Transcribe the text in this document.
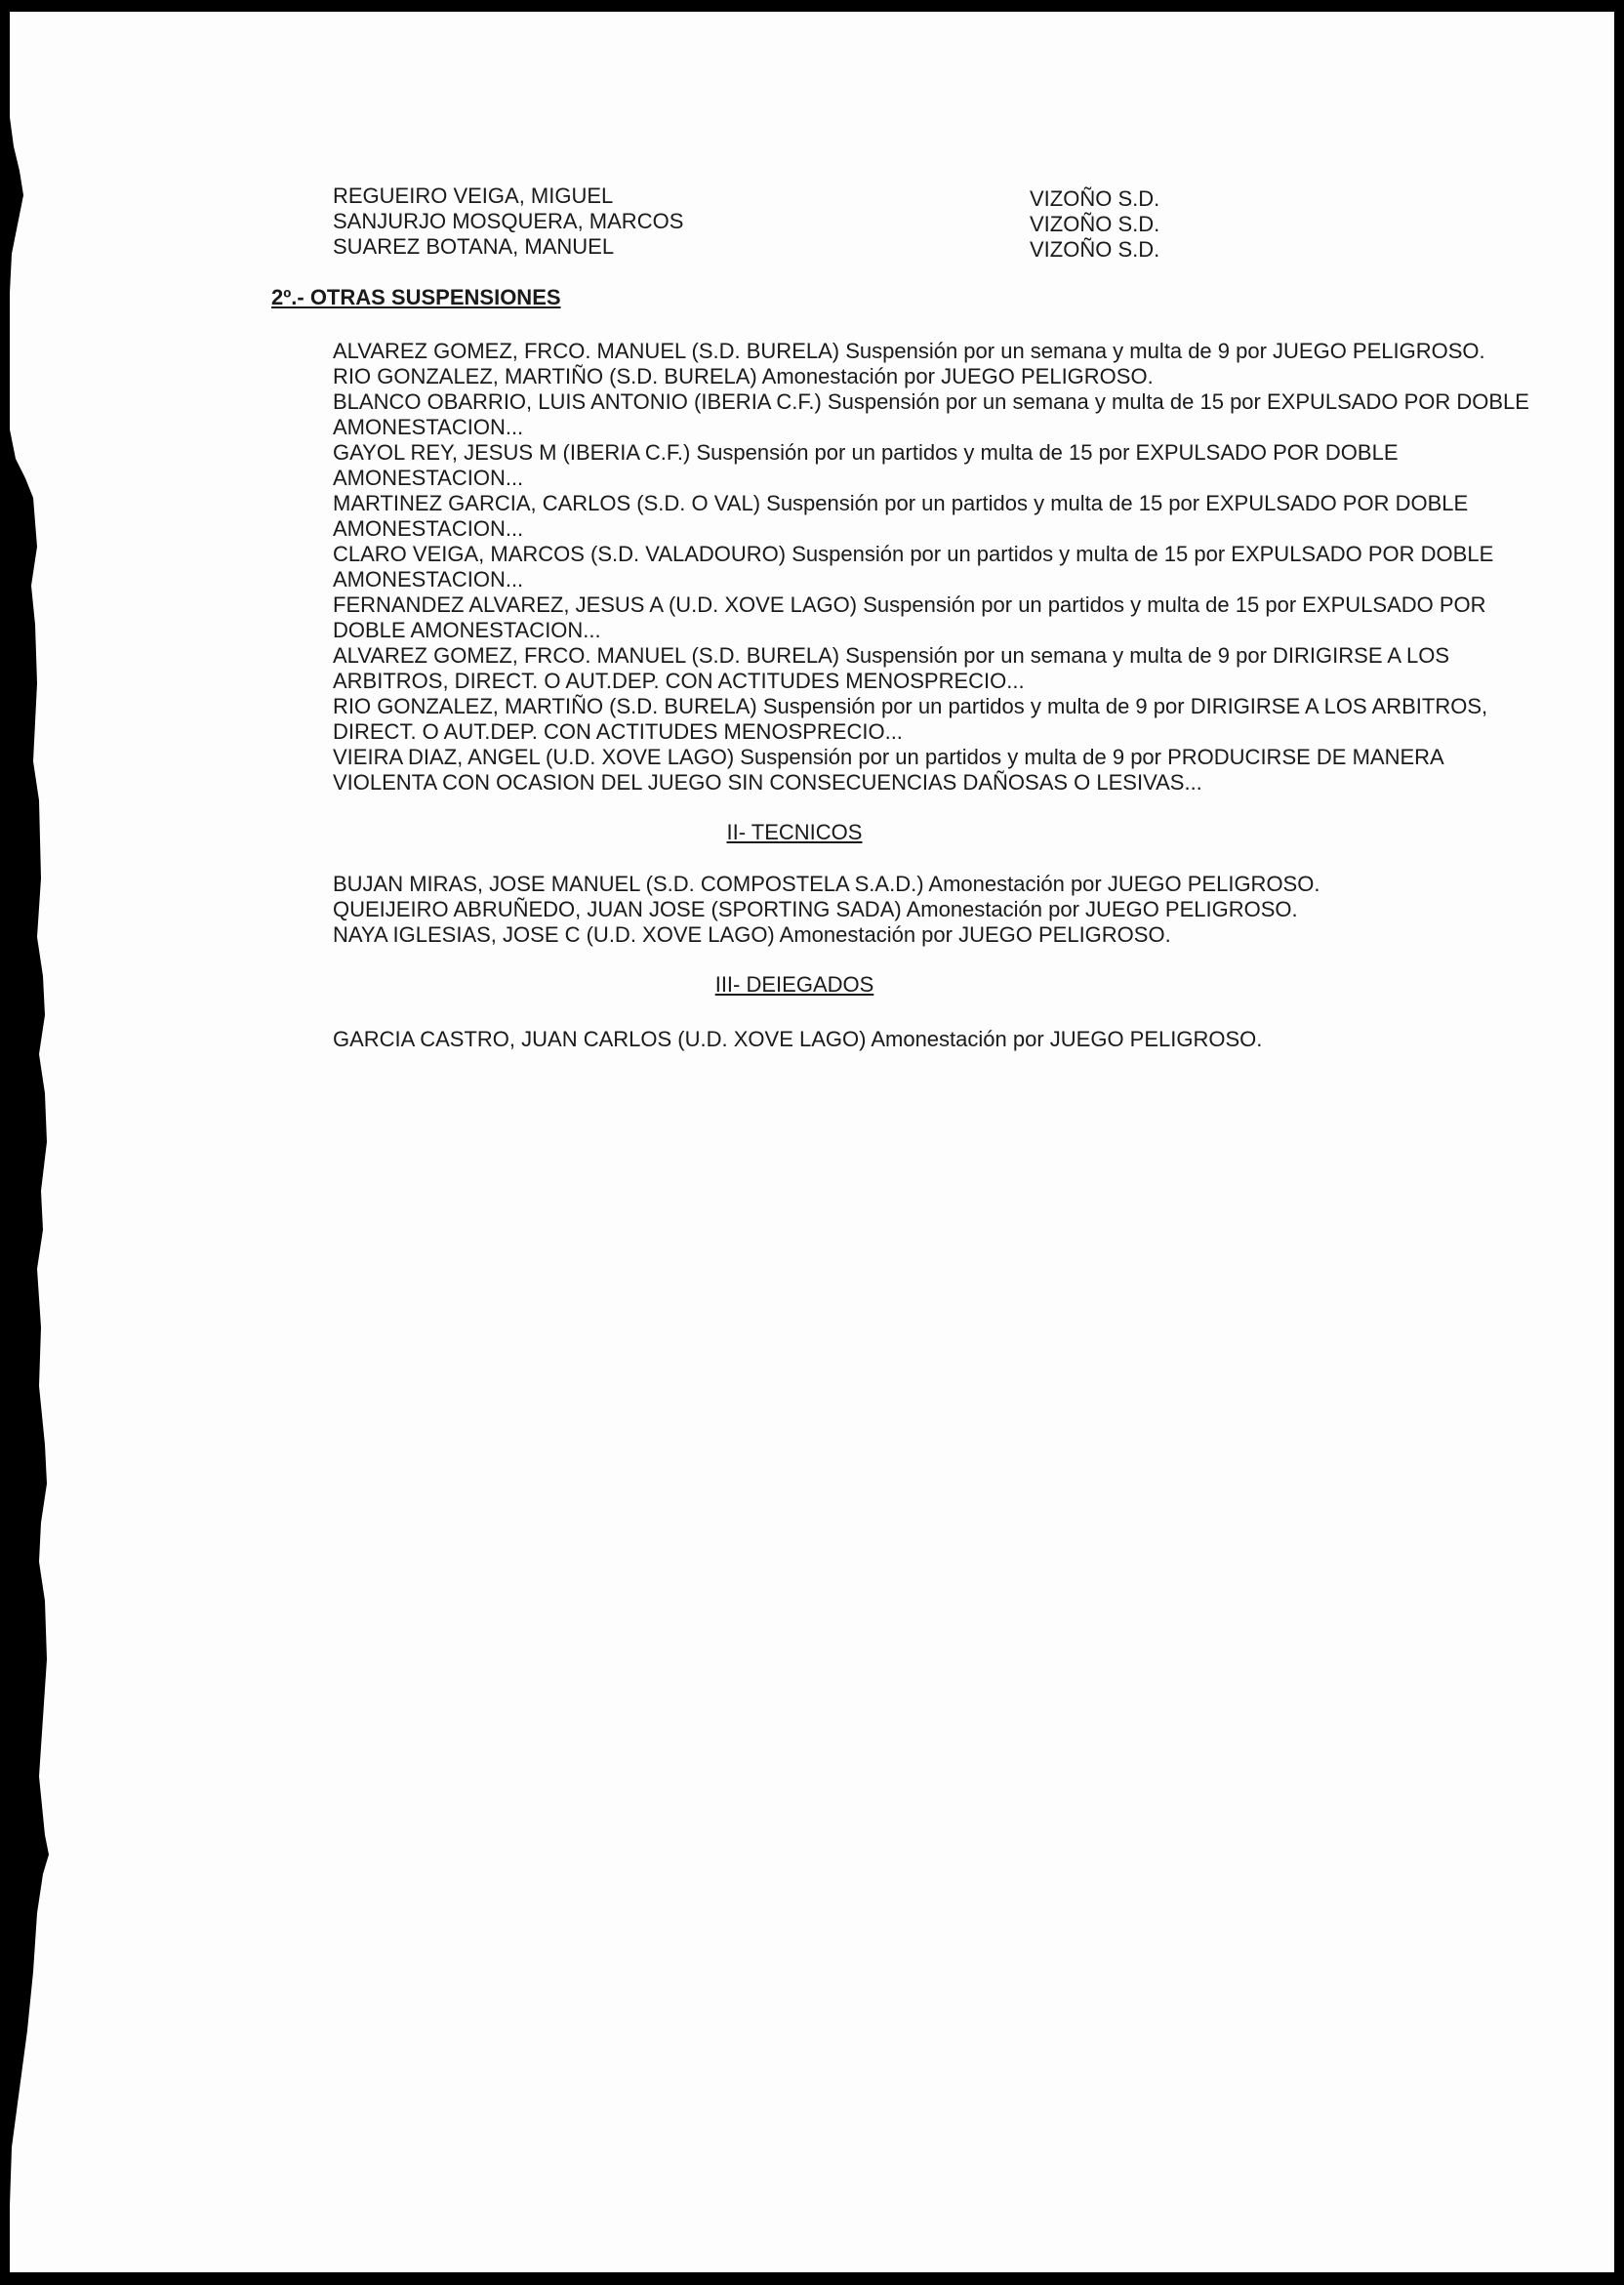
REGUEIRO VEIGA, MIGUEL	VIZOÑO S.D.
SANJURJO MOSQUERA, MARCOS	VIZOÑO S.D.
SUAREZ BOTANA, MANUEL	VIZOÑO S.D.
2º.- OTRAS SUSPENSIONES

ALVAREZ GOMEZ, FRCO. MANUEL (S.D. BURELA) Suspensión por un semana y multa de 9 por JUEGO PELIGROSO.

RIO GONZALEZ, MARTIÑO (S.D. BURELA) Amonestación por JUEGO PELIGROSO.

BLANCO OBARRIO, LUIS ANTONIO (IBERIA C.F.) Suspensión por un semana y multa de 15 por EXPULSADO POR DOBLE AMONESTACION...

GAYOL REY, JESUS M (IBERIA C.F.) Suspensión por un partidos y multa de 15 por EXPULSADO POR DOBLE AMONESTACION...

MARTINEZ GARCIA, CARLOS (S.D. O VAL) Suspensión por un partidos y multa de 15 por EXPULSADO POR DOBLE AMONESTACION...

CLARO VEIGA, MARCOS (S.D. VALADOURO) Suspensión por un partidos y multa de 15 por EXPULSADO POR DOBLE AMONESTACION...

FERNANDEZ ALVAREZ, JESUS A (U.D. XOVE LAGO) Suspensión por un partidos y multa de 15 por EXPULSADO POR DOBLE AMONESTACION...

ALVAREZ GOMEZ, FRCO. MANUEL (S.D. BURELA) Suspensión por un semana y multa de 9 por DIRIGIRSE A LOS ARBITROS, DIRECT. O AUT.DEP. CON ACTITUDES MENOSPRECIO...

RIO GONZALEZ, MARTIÑO (S.D. BURELA) Suspensión por un partidos y multa de 9 por DIRIGIRSE A LOS ARBITROS, DIRECT. O AUT.DEP. CON ACTITUDES MENOSPRECIO...

VIEIRA DIAZ, ANGEL (U.D. XOVE LAGO) Suspensión por un partidos y multa de 9 por PRODUCIRSE DE MANERA VIOLENTA CON OCASION DEL JUEGO SIN CONSECUENCIAS DAÑOSAS O LESIVAS...

II- TECNICOS

BUJAN MIRAS, JOSE MANUEL (S.D. COMPOSTELA S.A.D.) Amonestación por JUEGO PELIGROSO.

QUEIJEIRO ABRUÑEDO, JUAN JOSE (SPORTING SADA) Amonestación por JUEGO PELIGROSO.

NAYA IGLESIAS, JOSE C (U.D. XOVE LAGO) Amonestación por JUEGO PELIGROSO.

III- DEIEGADOS

GARCIA CASTRO, JUAN CARLOS (U.D. XOVE LAGO) Amonestación por JUEGO PELIGROSO.
